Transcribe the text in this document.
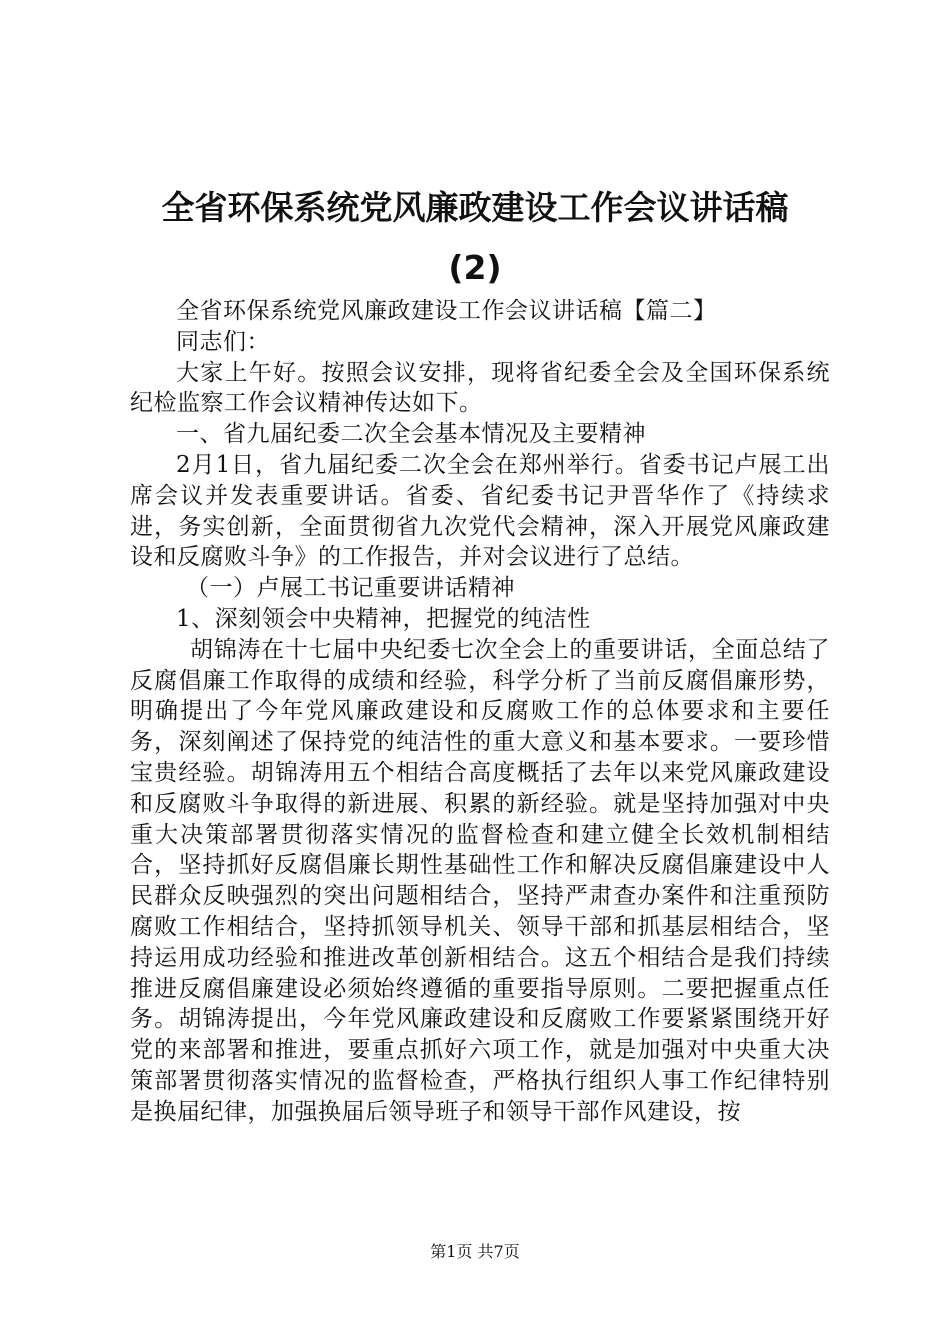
全省环保系统党风廉政建设工作会议讲话稿
(2)

全省环保系统党风廉政建设工作会议讲话稿【篇二】

同志们：

大家上午好。按照会议安排，现将省纪委全会及全国环保系统纪检监察工作会议精神传达如下。

一、省九届纪委二次全会基本情况及主要精神

2月1日，省九届纪委二次全会在郑州举行。省委书记卢展工出席会议并发表重要讲话。省委、省纪委书记尹晋华作了《持续求进，务实创新，全面贯彻省九次党代会精神，深入开展党风廉政建设和反腐败斗争》的工作报告，并对会议进行了总结。

（一）卢展工书记重要讲话精神

1、深刻领会中央精神，把握党的纯洁性

胡锦涛在十七届中央纪委七次全会上的重要讲话，全面总结了反腐倡廉工作取得的成绩和经验，科学分析了当前反腐倡廉形势，明确提出了今年党风廉政建设和反腐败工作的总体要求和主要任务，深刻阐述了保持党的纯洁性的重大意义和基本要求。一要珍惜宝贵经验。胡锦涛用五个相结合高度概括了去年以来党风廉政建设和反腐败斗争取得的新进展、积累的新经验。就是坚持加强对中央重大决策部署贯彻落实情况的监督检查和建立健全长效机制相结合，坚持抓好反腐倡廉长期性基础性工作和解决反腐倡廉建设中人民群众反映强烈的突出问题相结合，坚持严肃查办案件和注重预防腐败工作相结合，坚持抓领导机关、领导干部和抓基层相结合，坚持运用成功经验和推进改革创新相结合。这五个相结合是我们持续推进反腐倡廉建设必须始终遵循的重要指导原则。二要把握重点任务。胡锦涛提出，今年党风廉政建设和反腐败工作要紧紧围绕开好党的来部署和推进，要重点抓好六项工作，就是加强对中央重大决策部署贯彻落实情况的监督检查，严格执行组织人事工作纪律特别是换届纪律，加强换届后领导班子和领导干部作风建设，按

第1页 共7页
